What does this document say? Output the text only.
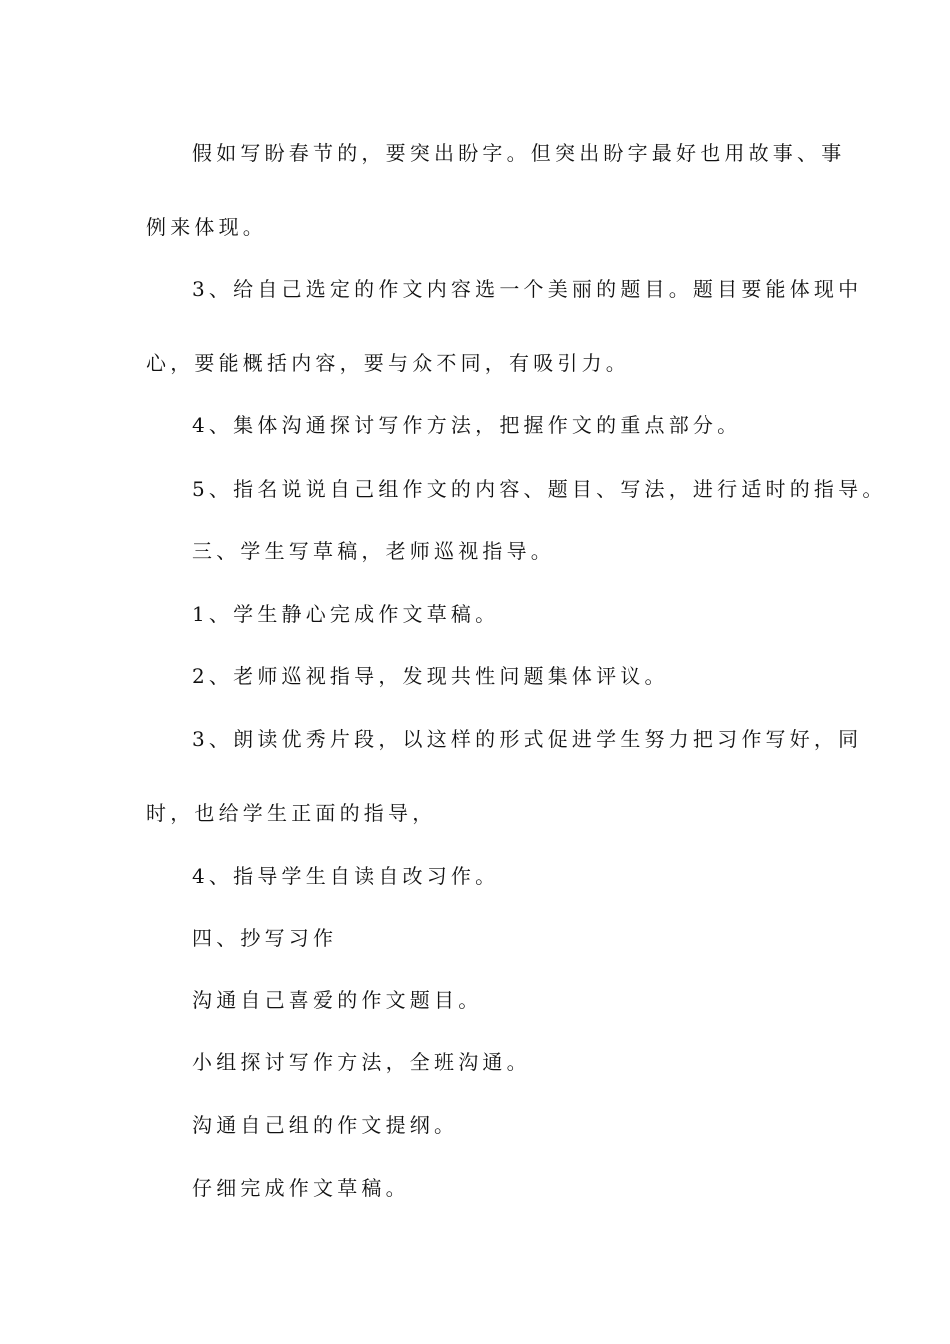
假如写盼春节的，要突出盼字。但突出盼字最好也用故事、事
例来体现。
3、给自己选定的作文内容选一个美丽的题目。题目要能体现中
心，要能概括内容，要与众不同，有吸引力。
4、集体沟通探讨写作方法，把握作文的重点部分。
5、指名说说自己组作文的内容、题目、写法，进行适时的指导。
三、学生写草稿，老师巡视指导。
1、学生静心完成作文草稿。
2、老师巡视指导，发现共性问题集体评议。
3、朗读优秀片段，以这样的形式促进学生努力把习作写好，同
时，也给学生正面的指导，
4、指导学生自读自改习作。
四、抄写习作
沟通自己喜爱的作文题目。
小组探讨写作方法，全班沟通。
沟通自己组的作文提纲。
仔细完成作文草稿。
